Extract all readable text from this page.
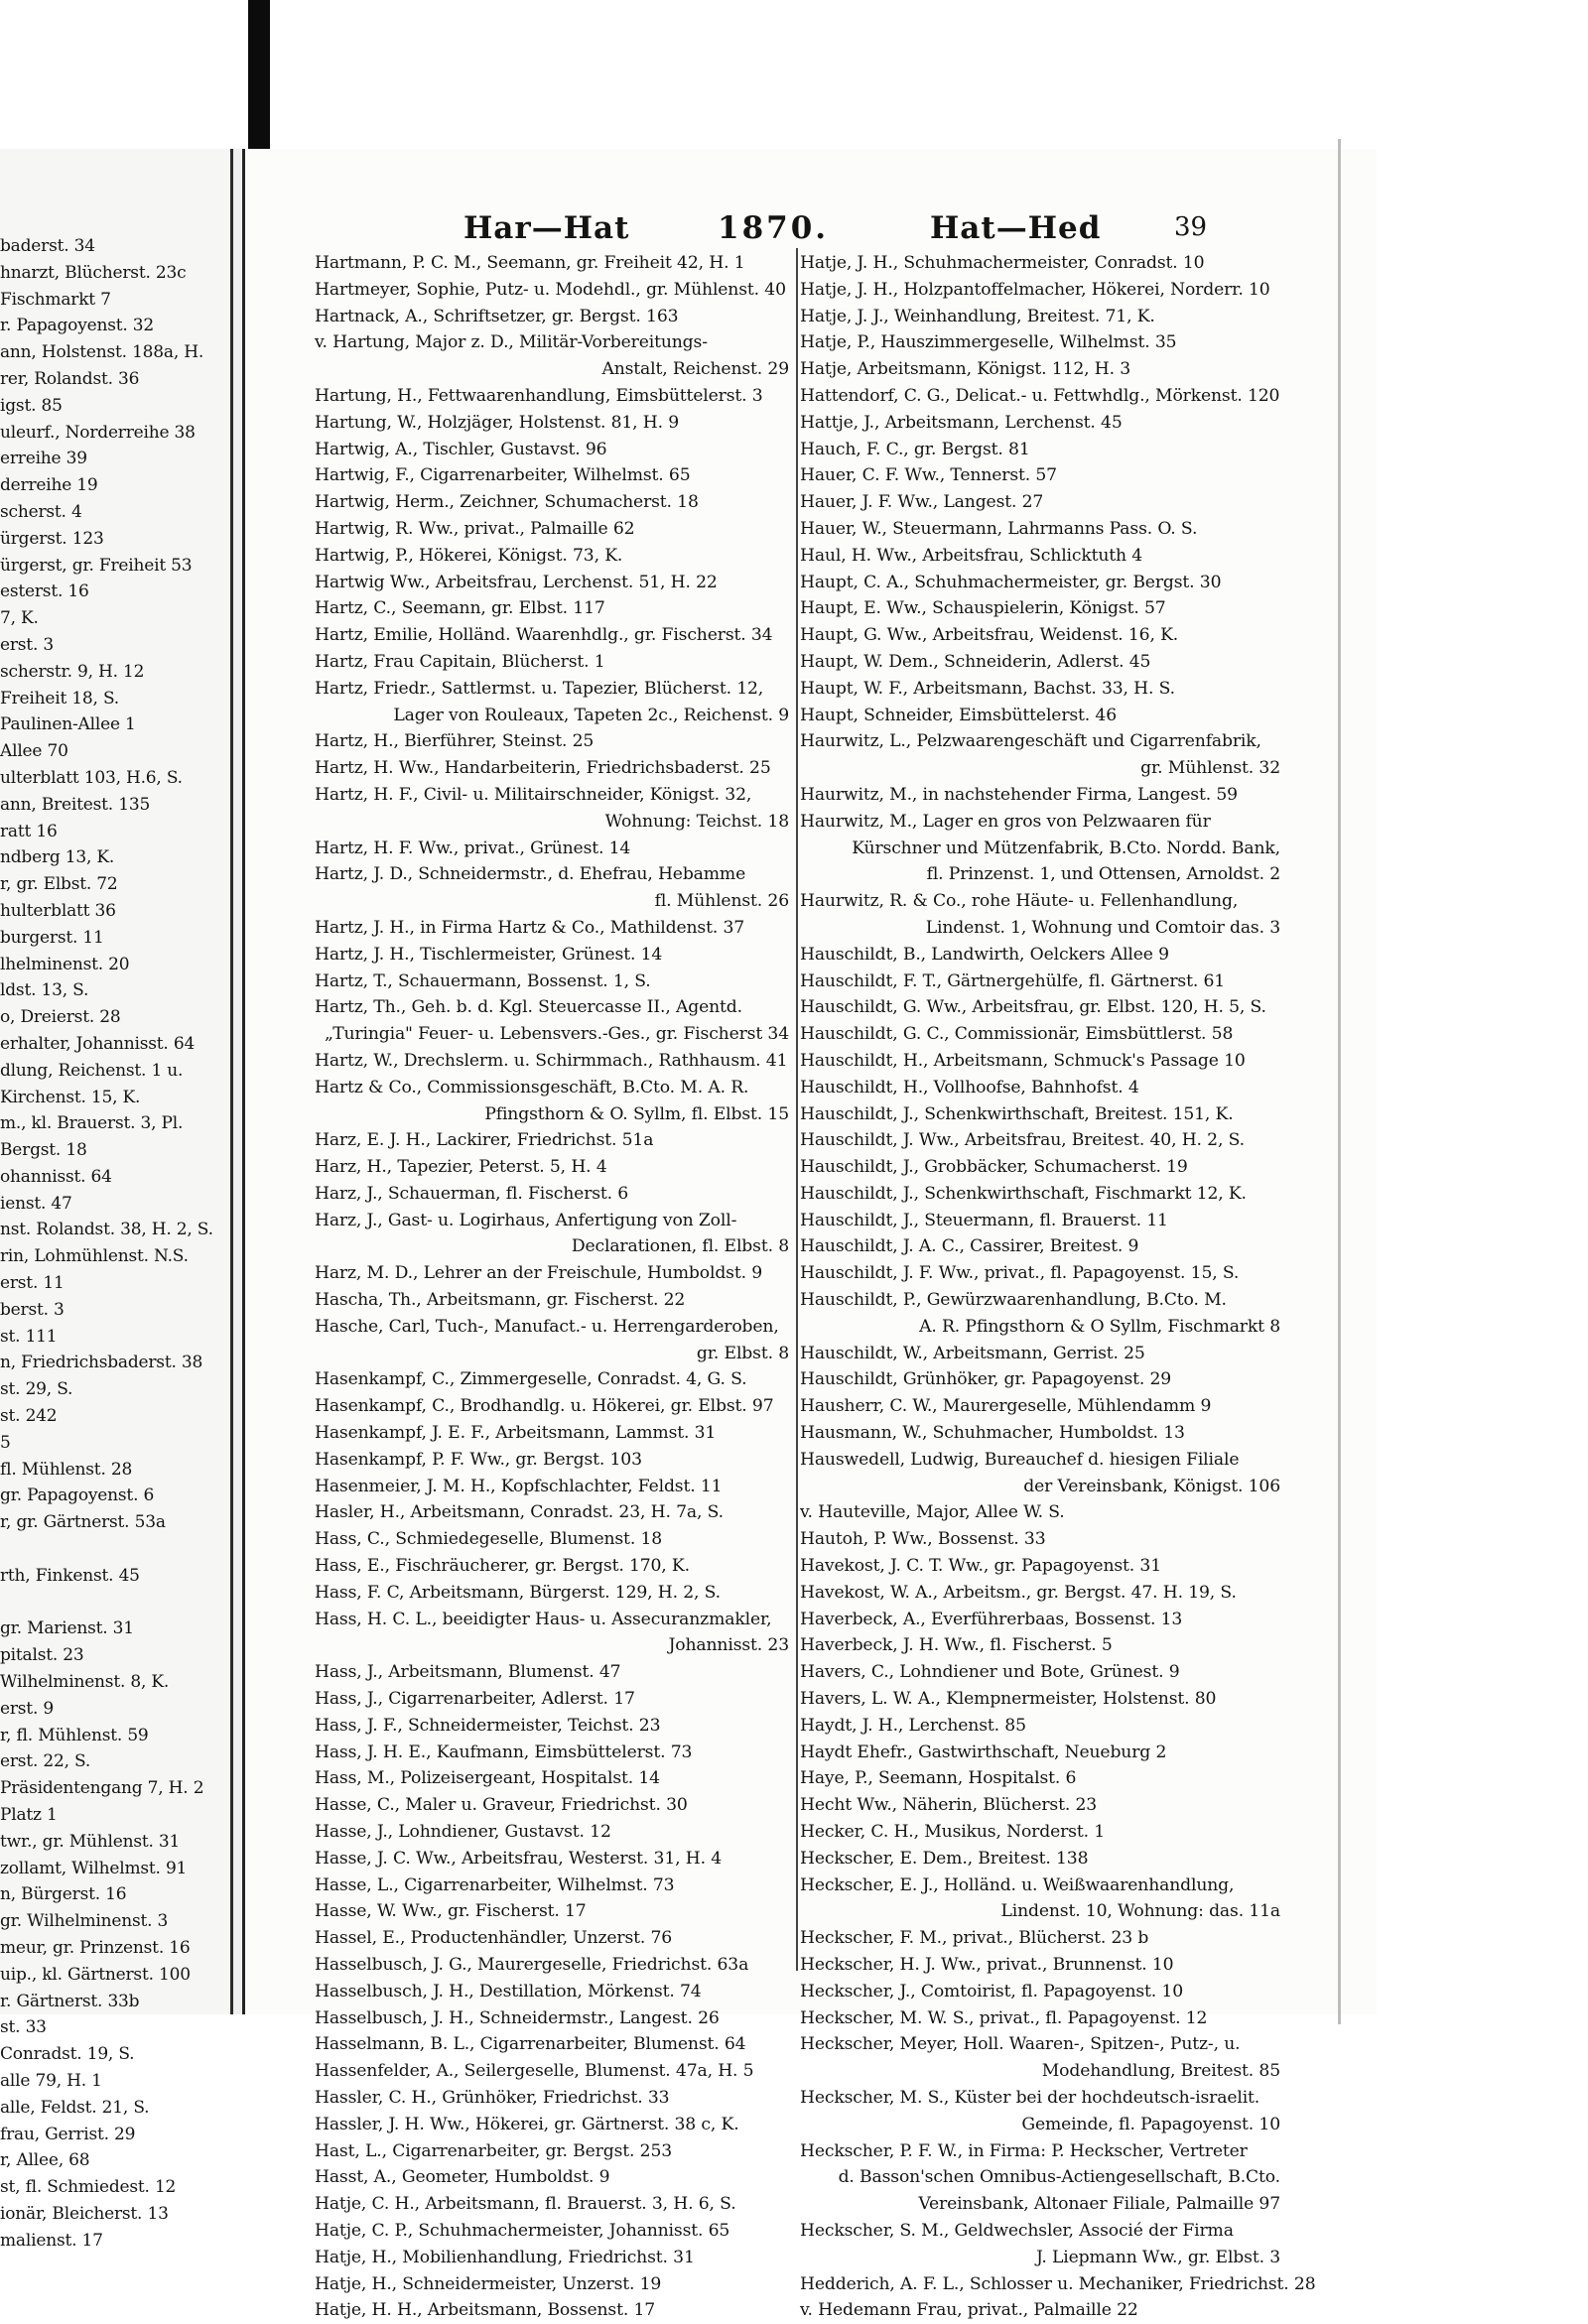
baderst. 34
hnarzt, Blücherst. 23c
Fischmarkt 7
r. Papagoyenst. 32
ann, Holstenst. 188a, H.
rer, Rolandst. 36
igst. 85
uleurf., Norderreihe 38
erreihe 39
derreihe 19
scherst. 4
ürgerst. 123
ürgerst, gr. Freiheit 53
esterst. 16
7, K.
erst. 3
scherstr. 9, H. 12
Freiheit 18, S.
Paulinen-Allee 1
Allee 70
ulterblatt 103, H.6, S.
ann, Breitest. 135
ratt 16
ndberg 13, K.
r, gr. Elbst. 72
hulterblatt 36
burgerst. 11
lhelminenst. 20
ldst. 13, S.
o, Dreierst. 28
erhalter, Johannisst. 64
dlung, Reichenst. 1 u.
Kirchenst. 15, K.
m., kl. Brauerst. 3, Pl.
Bergst. 18
ohannisst. 64
ienst. 47
nst. Rolandst. 38, H. 2, S.
rin, Lohmühlenst. N.S.
erst. 11
berst. 3
st. 111
n, Friedrichsbaderst. 38
st. 29, S.
st. 242
5
fl. Mühlenst. 28
gr. Papagoyenst. 6
r, gr. Gärtnerst. 53a
rth, Finkenst. 45
gr. Marienst. 31
pitalst. 23
Wilhelminenst. 8, K.
erst. 9
r, fl. Mühlenst. 59
erst. 22, S.
Präsidentengang 7, H. 2
Platz 1
twr., gr. Mühlenst. 31
zollamt, Wilhelmst. 91
n, Bürgerst. 16
gr. Wilhelminenst. 3
meur, gr. Prinzenst. 16
uip., kl. Gärtnerst. 100
r. Gärtnerst. 33b
st. 33
Conradst. 19, S.
alle 79, H. 1
alle, Feldst. 21, S.
frau, Gerrist. 29
r, Allee, 68
st, fl. Schmiedest. 12
ionär, Bleicherst. 13
malienst. 17
Har—Hat	1870.	Hat—Hed	39
Hartmann, P. C. M., Seemann, gr. Freiheit 42, H. 1
Hartmeyer, Sophie, Putz- u. Modehdl., gr. Mühlenst. 40
Hartnack, A., Schriftsetzer, gr. Bergst. 163
v. Hartung, Major z. D., Militär-Vorbereitungs-
Anstalt, Reichenst. 29
Hartung, H., Fettwaarenhandlung, Eimsbüttelerst. 3
Hartung, W., Holzjäger, Holstenst. 81, H. 9
Hartwig, A., Tischler, Gustavst. 96
Hartwig, F., Cigarrenarbeiter, Wilhelmst. 65
Hartwig, Herm., Zeichner, Schumacherst. 18
Hartwig, R. Ww., privat., Palmaille 62
Hartwig, P., Hökerei, Königst. 73, K.
Hartwig Ww., Arbeitsfrau, Lerchenst. 51, H. 22
Hartz, C., Seemann, gr. Elbst. 117
Hartz, Emilie, Holländ. Waarenhdlg., gr. Fischerst. 34
Hartz, Frau Capitain, Blücherst. 1
Hartz, Friedr., Sattlermst. u. Tapezier, Blücherst. 12,
Lager von Rouleaux, Tapeten 2c., Reichenst. 9
Hartz, H., Bierführer, Steinst. 25
Hartz, H. Ww., Handarbeiterin, Friedrichsbaderst. 25
Hartz, H. F., Civil- u. Militairschneider, Königst. 32,
Wohnung: Teichst. 18
Hartz, H. F. Ww., privat., Grünest. 14
Hartz, J. D., Schneidermstr., d. Ehefrau, Hebamme
fl. Mühlenst. 26
Hartz, J. H., in Firma Hartz & Co., Mathildenst. 37
Hartz, J. H., Tischlermeister, Grünest. 14
Hartz, T., Schauermann, Bossenst. 1, S.
Hartz, Th., Geh. b. d. Kgl. Steuercasse II., Agentd.
„Turingia" Feuer- u. Lebensvers.-Ges., gr. Fischerst 34
Hartz, W., Drechslerm. u. Schirmmach., Rathhausm. 41
Hartz & Co., Commissionsgeschäft, B.Cto. M. A. R.
Pfingsthorn & O. Syllm, fl. Elbst. 15
Harz, E. J. H., Lackirer, Friedrichst. 51a
Harz, H., Tapezier, Peterst. 5, H. 4
Harz, J., Schauerman, fl. Fischerst. 6
Harz, J., Gast- u. Logirhaus, Anfertigung von Zoll-
Declarationen, fl. Elbst. 8
Harz, M. D., Lehrer an der Freischule, Humboldst. 9
Hascha, Th., Arbeitsmann, gr. Fischerst. 22
Hasche, Carl, Tuch-, Manufact.- u. Herrengarderoben,
gr. Elbst. 8
Hasenkampf, C., Zimmergeselle, Conradst. 4, G. S.
Hasenkampf, C., Brodhandlg. u. Hökerei, gr. Elbst. 97
Hasenkampf, J. E. F., Arbeitsmann, Lammst. 31
Hasenkampf, P. F. Ww., gr. Bergst. 103
Hasenmeier, J. M. H., Kopfschlachter, Feldst. 11
Hasler, H., Arbeitsmann, Conradst. 23, H. 7a, S.
Hass, C., Schmiedegeselle, Blumenst. 18
Hass, E., Fischräucherer, gr. Bergst. 170, K.
Hass, F. C, Arbeitsmann, Bürgerst. 129, H. 2, S.
Hass, H. C. L., beeidigter Haus- u. Assecuranzmakler,
Johannisst. 23
Hass, J., Arbeitsmann, Blumenst. 47
Hass, J., Cigarrenarbeiter, Adlerst. 17
Hass, J. F., Schneidermeister, Teichst. 23
Hass, J. H. E., Kaufmann, Eimsbüttelerst. 73
Hass, M., Polizeisergeant, Hospitalst. 14
Hasse, C., Maler u. Graveur, Friedrichst. 30
Hasse, J., Lohndiener, Gustavst. 12
Hasse, J. C. Ww., Arbeitsfrau, Westerst. 31, H. 4
Hasse, L., Cigarrenarbeiter, Wilhelmst. 73
Hasse, W. Ww., gr. Fischerst. 17
Hassel, E., Productenhändler, Unzerst. 76
Hasselbusch, J. G., Maurergeselle, Friedrichst. 63a
Hasselbusch, J. H., Destillation, Mörkenst. 74
Hasselbusch, J. H., Schneidermstr., Langest. 26
Hasselmann, B. L., Cigarrenarbeiter, Blumenst. 64
Hassenfelder, A., Seilergeselle, Blumenst. 47a, H. 5
Hassler, C. H., Grünhöker, Friedrichst. 33
Hassler, J. H. Ww., Hökerei, gr. Gärtnerst. 38 c, K.
Hast, L., Cigarrenarbeiter, gr. Bergst. 253
Hasst, A., Geometer, Humboldst. 9
Hatje, C. H., Arbeitsmann, fl. Brauerst. 3, H. 6, S.
Hatje, C. P., Schuhmachermeister, Johannisst. 65
Hatje, H., Mobilienhandlung, Friedrichst. 31
Hatje, H., Schneidermeister, Unzerst. 19
Hatje, H. H., Arbeitsmann, Bossenst. 17
Hatje, J. H., Schuhmachermeister, Conradst. 10
Hatje, J. H., Holzpantoffelmacher, Hökerei, Norderr. 10
Hatje, J. J., Weinhandlung, Breitest. 71, K.
Hatje, P., Hauszimmergeselle, Wilhelmst. 35
Hatje, Arbeitsmann, Königst. 112, H. 3
Hattendorf, C. G., Delicat.- u. Fettwhdlg., Mörkenst. 120
Hattje, J., Arbeitsmann, Lerchenst. 45
Hauch, F. C., gr. Bergst. 81
Hauer, C. F. Ww., Tennerst. 57
Hauer, J. F. Ww., Langest. 27
Hauer, W., Steuermann, Lahrmanns Pass. O. S.
Haul, H. Ww., Arbeitsfrau, Schlicktuth 4
Haupt, C. A., Schuhmachermeister, gr. Bergst. 30
Haupt, E. Ww., Schauspielerin, Königst. 57
Haupt, G. Ww., Arbeitsfrau, Weidenst. 16, K.
Haupt, W. Dem., Schneiderin, Adlerst. 45
Haupt, W. F., Arbeitsmann, Bachst. 33, H. S.
Haupt, Schneider, Eimsbüttelerst. 46
Haurwitz, L., Pelzwaarengeschäft und Cigarrenfabrik,
gr. Mühlenst. 32
Haurwitz, M., in nachstehender Firma, Langest. 59
Haurwitz, M., Lager en gros von Pelzwaaren für
Kürschner und Mützenfabrik, B.Cto. Nordd. Bank,
fl. Prinzenst. 1, und Ottensen, Arnoldst. 2
Haurwitz, R. & Co., rohe Häute- u. Fellenhandlung,
Lindenst. 1, Wohnung und Comtoir das. 3
Hauschildt, B., Landwirth, Oelckers Allee 9
Hauschildt, F. T., Gärtnergehülfe, fl. Gärtnerst. 61
Hauschildt, G. Ww., Arbeitsfrau, gr. Elbst. 120, H. 5, S.
Hauschildt, G. C., Commissionär, Eimsbüttlerst. 58
Hauschildt, H., Arbeitsmann, Schmuck's Passage 10
Hauschildt, H., Vollhoofse, Bahnhofst. 4
Hauschildt, J., Schenkwirthschaft, Breitest. 151, K.
Hauschildt, J. Ww., Arbeitsfrau, Breitest. 40, H. 2, S.
Hauschildt, J., Grobbäcker, Schumacherst. 19
Hauschildt, J., Schenkwirthschaft, Fischmarkt 12, K.
Hauschildt, J., Steuermann, fl. Brauerst. 11
Hauschildt, J. A. C., Cassirer, Breitest. 9
Hauschildt, J. F. Ww., privat., fl. Papagoyenst. 15, S.
Hauschildt, P., Gewürzwaarenhandlung, B.Cto. M.
A. R. Pfingsthorn & O Syllm, Fischmarkt 8
Hauschildt, W., Arbeitsmann, Gerrist. 25
Hauschildt, Grünhöker, gr. Papagoyenst. 29
Hausherr, C. W., Maurergeselle, Mühlendamm 9
Hausmann, W., Schuhmacher, Humboldst. 13
Hauswedell, Ludwig, Bureauchef d. hiesigen Filiale
der Vereinsbank, Königst. 106
v. Hauteville, Major, Allee W. S.
Hautoh, P. Ww., Bossenst. 33
Havekost, J. C. T. Ww., gr. Papagoyenst. 31
Havekost, W. A., Arbeitsm., gr. Bergst. 47. H. 19, S.
Haverbeck, A., Everführerbaas, Bossenst. 13
Haverbeck, J. H. Ww., fl. Fischerst. 5
Havers, C., Lohndiener und Bote, Grünest. 9
Havers, L. W. A., Klempnermeister, Holstenst. 80
Haydt, J. H., Lerchenst. 85
Haydt Ehefr., Gastwirthschaft, Neueburg 2
Haye, P., Seemann, Hospitalst. 6
Hecht Ww., Näherin, Blücherst. 23
Hecker, C. H., Musikus, Norderst. 1
Heckscher, E. Dem., Breitest. 138
Heckscher, E. J., Holländ. u. Weißwaarenhandlung,
Lindenst. 10, Wohnung: das. 11a
Heckscher, F. M., privat., Blücherst. 23 b
Heckscher, H. J. Ww., privat., Brunnenst. 10
Heckscher, J., Comtoirist, fl. Papagoyenst. 10
Heckscher, M. W. S., privat., fl. Papagoyenst. 12
Heckscher, Meyer, Holl. Waaren-, Spitzen-, Putz-, u.
Modehandlung, Breitest. 85
Heckscher, M. S., Küster bei der hochdeutsch-israelit.
Gemeinde, fl. Papagoyenst. 10
Heckscher, P. F. W., in Firma: P. Heckscher, Vertreter
d. Basson'schen Omnibus-Actiengesellschaft, B.Cto.
Vereinsbank, Altonaer Filiale, Palmaille 97
Heckscher, S. M., Geldwechsler, Associé der Firma
J. Liepmann Ww., gr. Elbst. 3
Hedderich, A. F. L., Schlosser u. Mechaniker, Friedrichst. 28
v. Hedemann Frau, privat., Palmaille 22
